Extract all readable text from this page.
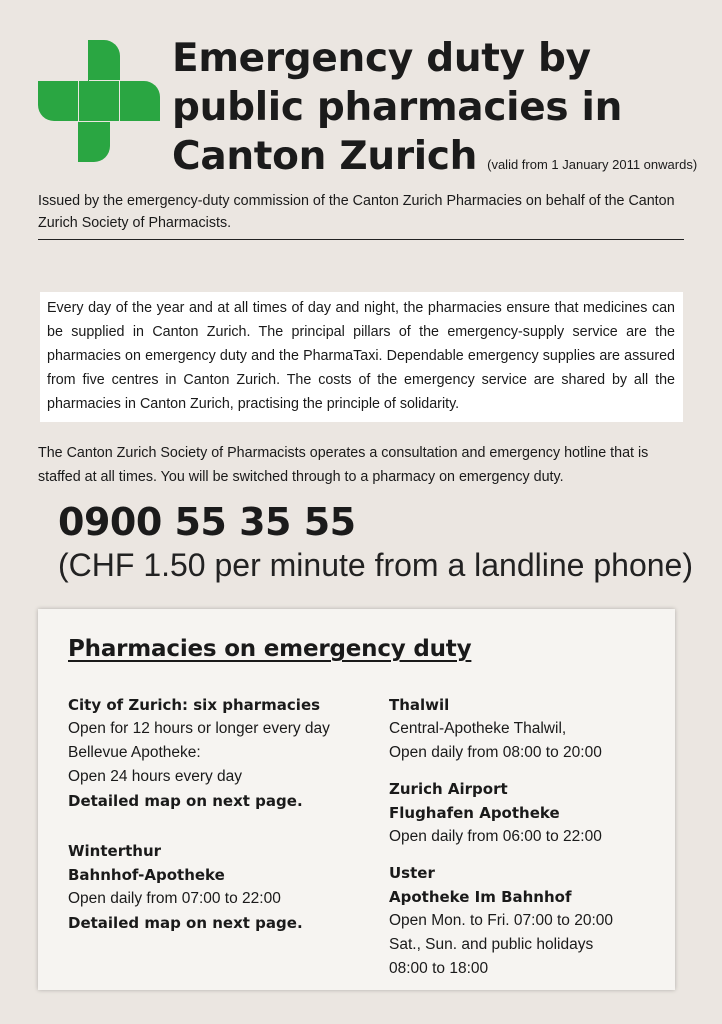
Emergency duty by
public pharmacies in
Canton Zurich (valid from 1 January 2011 onwards)

Issued by the emergency-duty commission of the Canton Zurich Pharmacies on behalf of the Canton Zurich Society of Pharmacists.

Every day of the year and at all times of day and night, the pharmacies ensure that medicines can be supplied in Canton Zurich. The principal pillars of the emergency-supply service are the pharmacies on emergency duty and the PharmaTaxi. Dependable emergency supplies are assured from five centres in Canton Zurich. The costs of the emergency service are shared by all the pharmacies in Canton Zurich, practising the principle of solidarity.

The Canton Zurich Society of Pharmacists operates a consultation and emergency hotline that is staffed at all times. You will be switched through to a pharmacy on emergency duty.

0900 55 35 55

(CHF 1.50 per minute from a landline phone)

Pharmacies on emergency duty
City of Zurich: six pharmacies
Open for 12 hours or longer every day
Bellevue Apotheke:
Open 24 hours every day
Detailed map on next page.
Winterthur
Bahnhof-Apotheke
Open daily from 07:00 to 22:00
Detailed map on next page.
Thalwil
Central-Apotheke Thalwil,
Open daily from 08:00 to 20:00
Zurich Airport
Flughafen Apotheke
Open daily from 06:00 to 22:00
Uster
Apotheke Im Bahnhof
Open Mon. to Fri. 07:00 to 20:00
Sat., Sun. and public holidays
08:00 to 18:00
